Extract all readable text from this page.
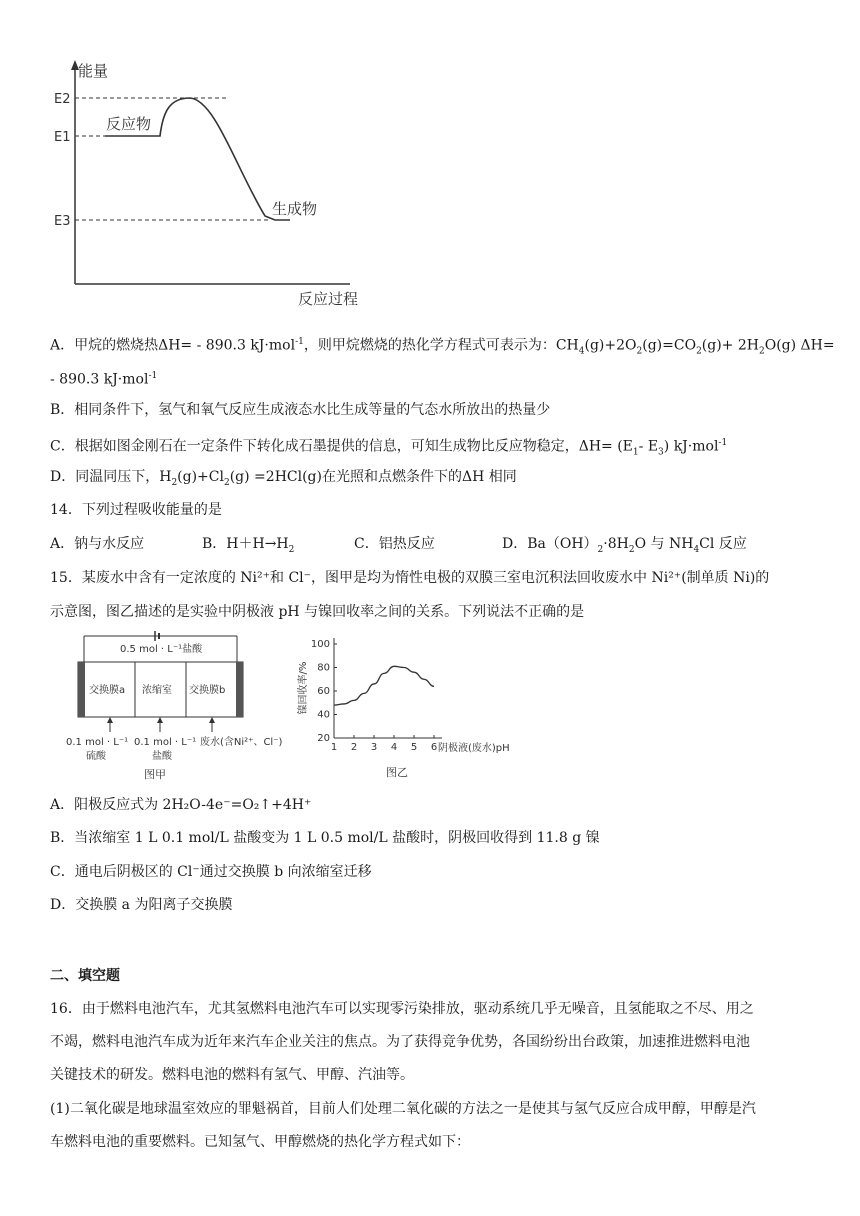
能量
反应过程
E2
E1
E3
反应物
生成物
A．甲烷的燃烧热ΔH= - 890.3 kJ·mol$^{-1}$，则甲烷燃烧的热化学方程式可表示为：$CH_4(g)+2O_2(g)=CO_2(g)+ 2H_2O(g)$ ΔH=
- 890.3 kJ·mol$^{-1}$
B．相同条件下，氢气和氧气反应生成液态水比生成等量的气态水所放出的热量少
C．根据如图金刚石在一定条件下转化成石墨提供的信息，可知生成物比反应物稳定，$\Delta H= (E_1-$ $E_3$) kJ·mol$^{-1}$
D．同温同压下，$H_2(g)+Cl_2(g) =2HCl(g)$在光照和点燃条件下的ΔH 相同
14．下列过程吸收能量的是
A．钠与水反应	B．$H+H\to H_2$	C．铝热反应	D．$Ba(OH)_2\cdot 8H_2O$ 与 $NH_4Cl$ 反应
15．某废水中含有一定浓度的 Ni²⁺和 Cl⁻，图甲是均为惰性电极的双膜三室电沉积法回收废水中 Ni²⁺(制单质 Ni)的
示意图，图乙描述的是实验中阴极液 pH 与镍回收率之间的关系。下列说法不正确的是
0.5 mol · L⁻¹盐酸
交换膜a 浓缩室 交换膜b
0.1 mol · L⁻¹
硫酸
0.1 mol · L⁻¹
盐酸
废水(含Ni²⁺、Cl⁻)
图甲
镍回收率/%
阴极液(废水)pH
图乙
1 2 3 4 5 6
20
40
60
80
100
A．阳极反应式为 2H₂O-4e⁻=O₂↑+4H⁺
B．当浓缩室 1 L 0.1 mol/L 盐酸变为 1 L 0.5 mol/L 盐酸时，阴极回收得到 11.8 g 镍
C．通电后阴极区的 Cl⁻通过交换膜 b 向浓缩室迁移
D．交换膜 a 为阳离子交换膜
二、填空题
16．由于燃料电池汽车，尤其氢燃料电池汽车可以实现零污染排放，驱动系统几乎无噪音，且氢能取之不尽、用之
不竭，燃料电池汽车成为近年来汽车企业关注的焦点。为了获得竞争优势，各国纷纷出台政策，加速推进燃料电池
关键技术的研发。燃料电池的燃料有氢气、甲醇、汽油等。
(1)二氧化碳是地球温室效应的罪魁祸首，目前人们处理二氧化碳的方法之一是使其与氢气反应合成甲醇，甲醇是汽
车燃料电池的重要燃料。已知氢气、甲醇燃烧的热化学方程式如下：
